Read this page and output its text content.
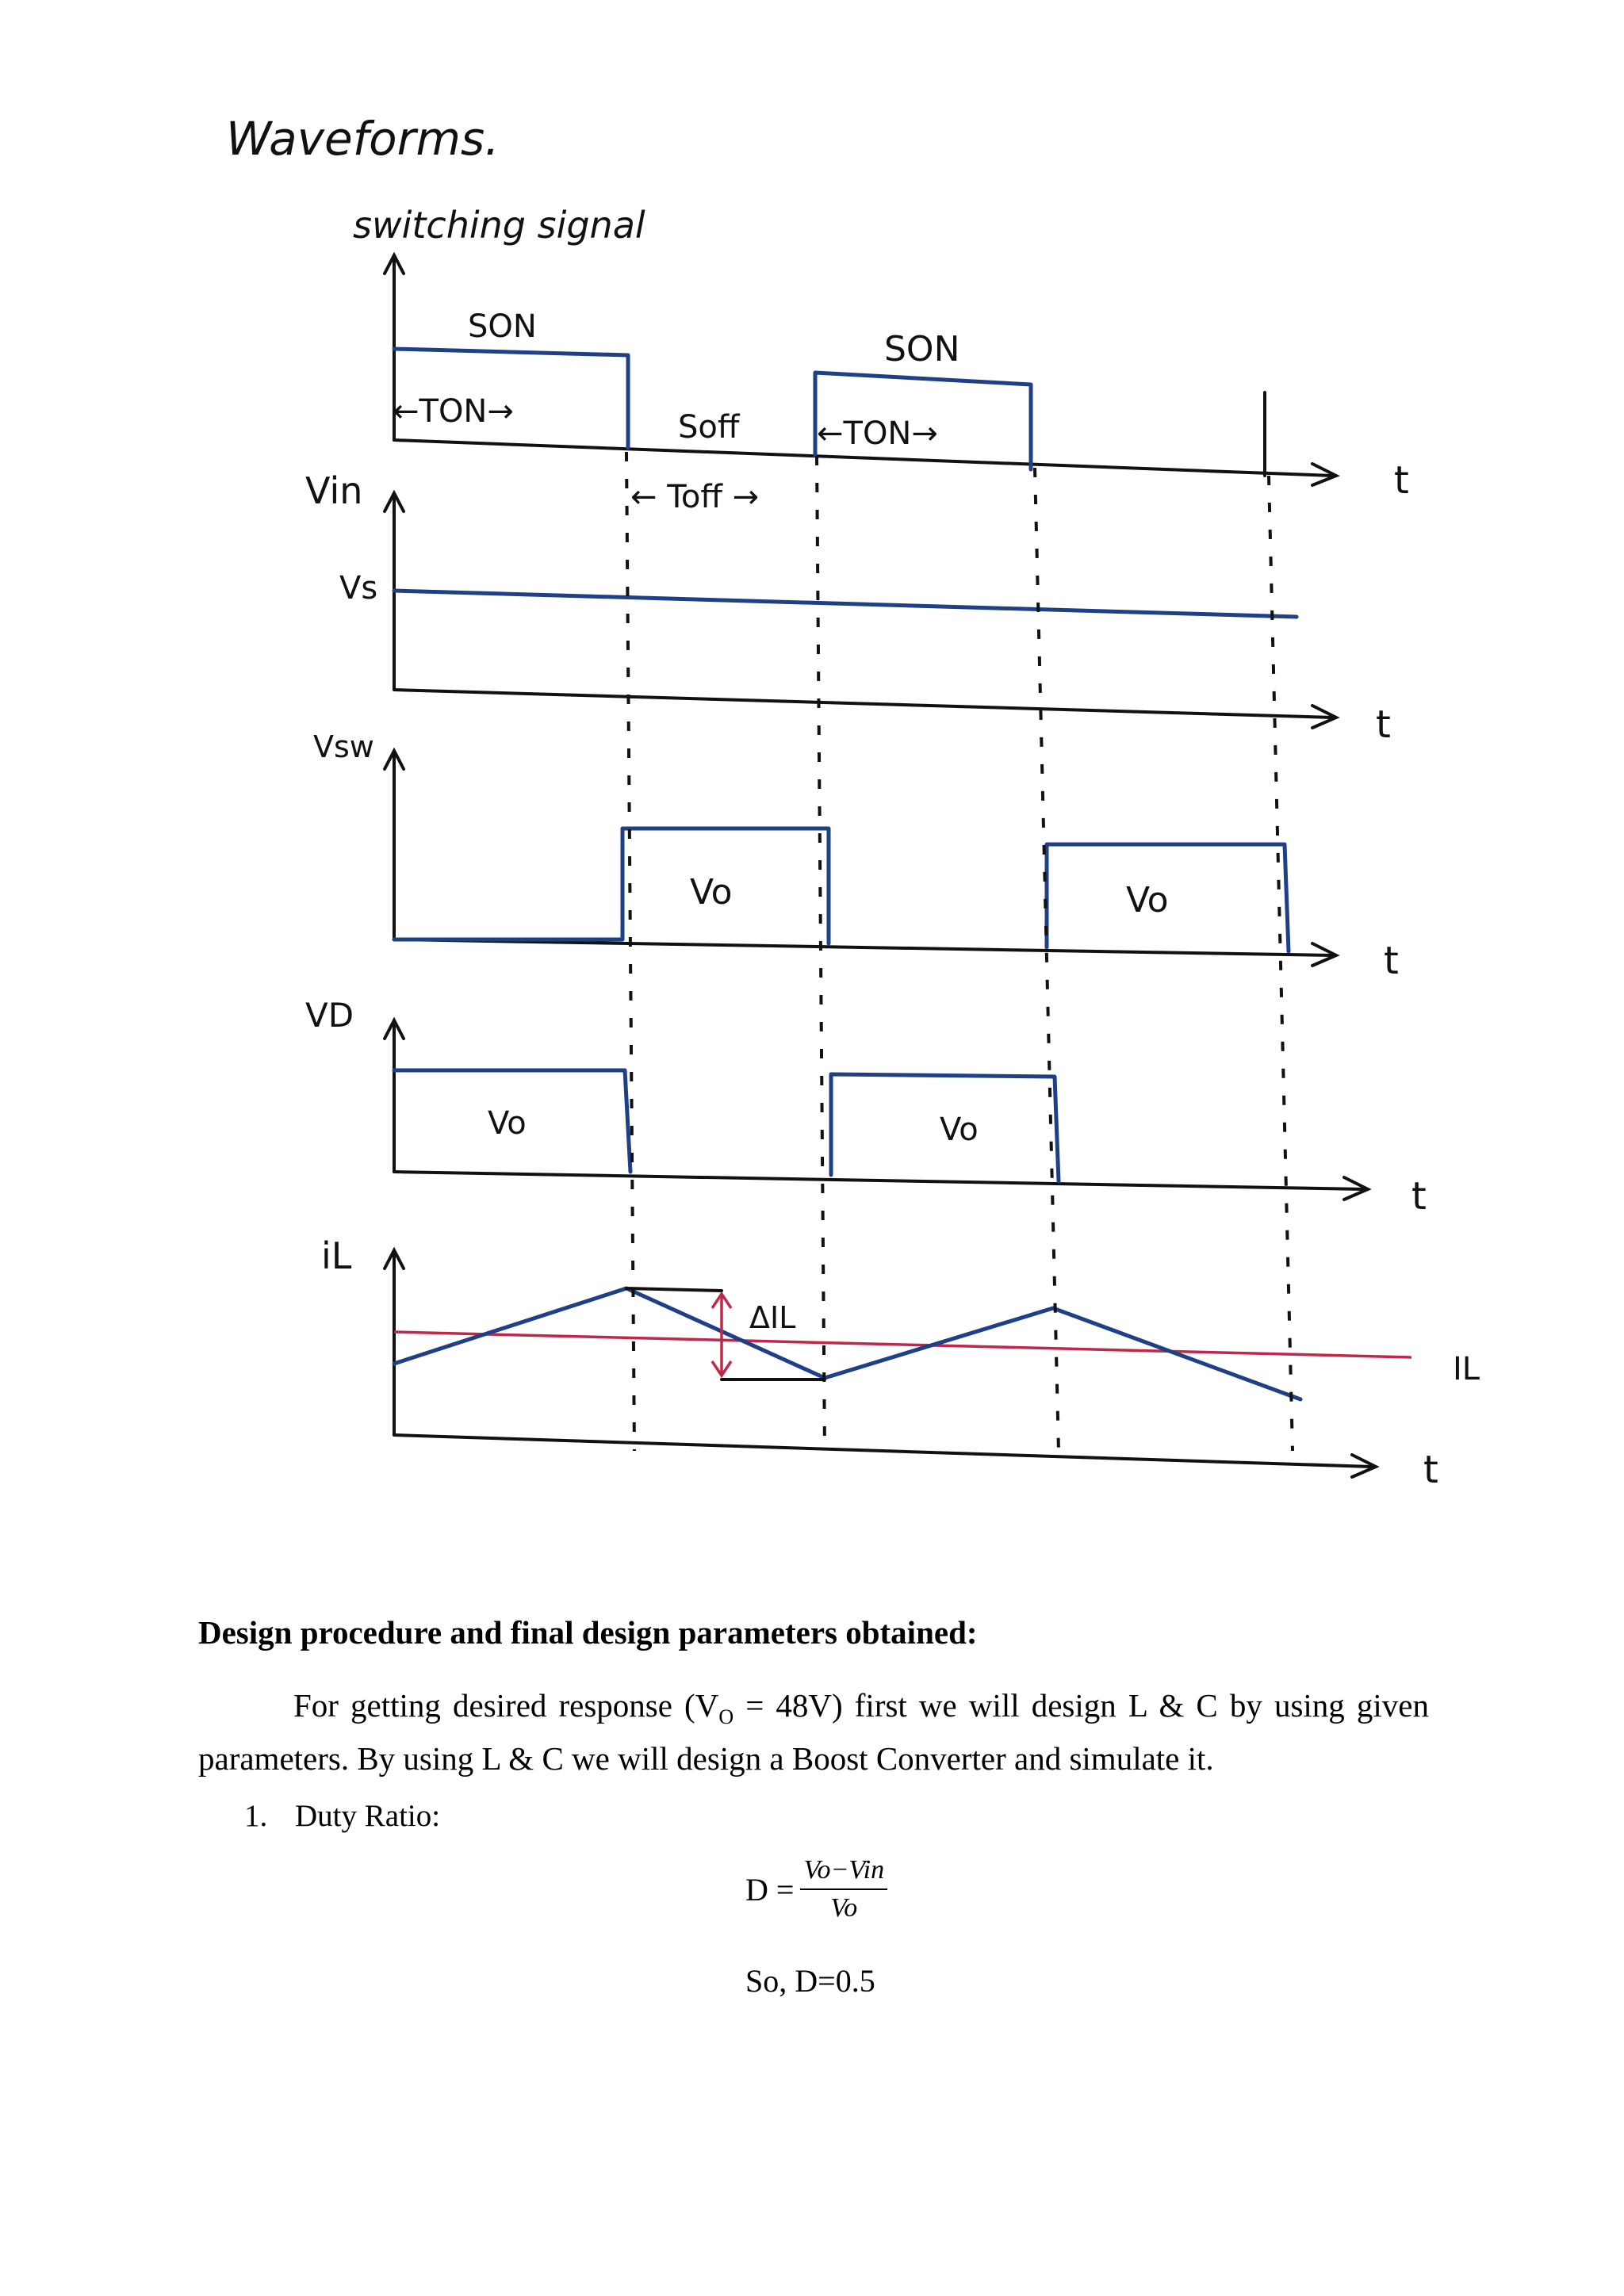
Waveforms.
switching signal
t
SON
SON
←TON→
←TON→
Soff
← Toff →
Vin
t
Vs
Vsw
t
Vo	Vo
VD
t
Vo	Vo
iL
t
IL
ΔIL
Design procedure and final design parameters obtained:

For getting desired response $(V_O = 48V)$ first we will design L & C by using given parameters. By using L & C we will design a Boost Converter and simulate it.

1. Duty Ratio:
$D = \frac{\text{Vo−Vin}}{Vo}$
So, D=0.5
